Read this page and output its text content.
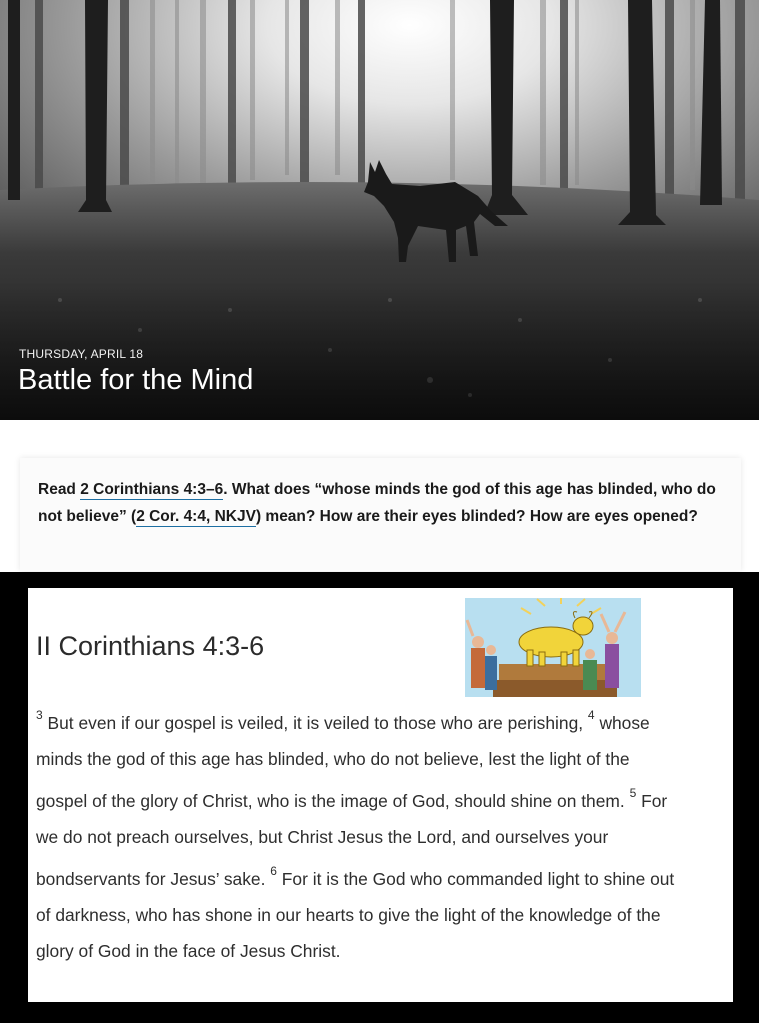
THURSDAY, APRIL 18
Battle for the Mind

Read 2 Corinthians 4:3–6. What does “whose minds the god of this age has blinded, who do not believe” (2 Cor. 4:4, NKJV) mean? How are their eyes blinded? How are eyes opened?

II Corinthians 4:3-6
$^3$ But even if our gospel is veiled, it is veiled to those who are perishing, $^4$ whose
minds the god of this age has blinded, who do not believe, lest the light of the
gospel of the glory of Christ, who is the image of God, should shine on them. $^5$ For
we do not preach ourselves, but Christ Jesus the Lord, and ourselves your
bondservants for Jesus’ sake. $^6$ For it is the God who commanded light to shine out
of darkness, who has shone in our hearts to give the light of the knowledge of the
glory of God in the face of Jesus Christ.
